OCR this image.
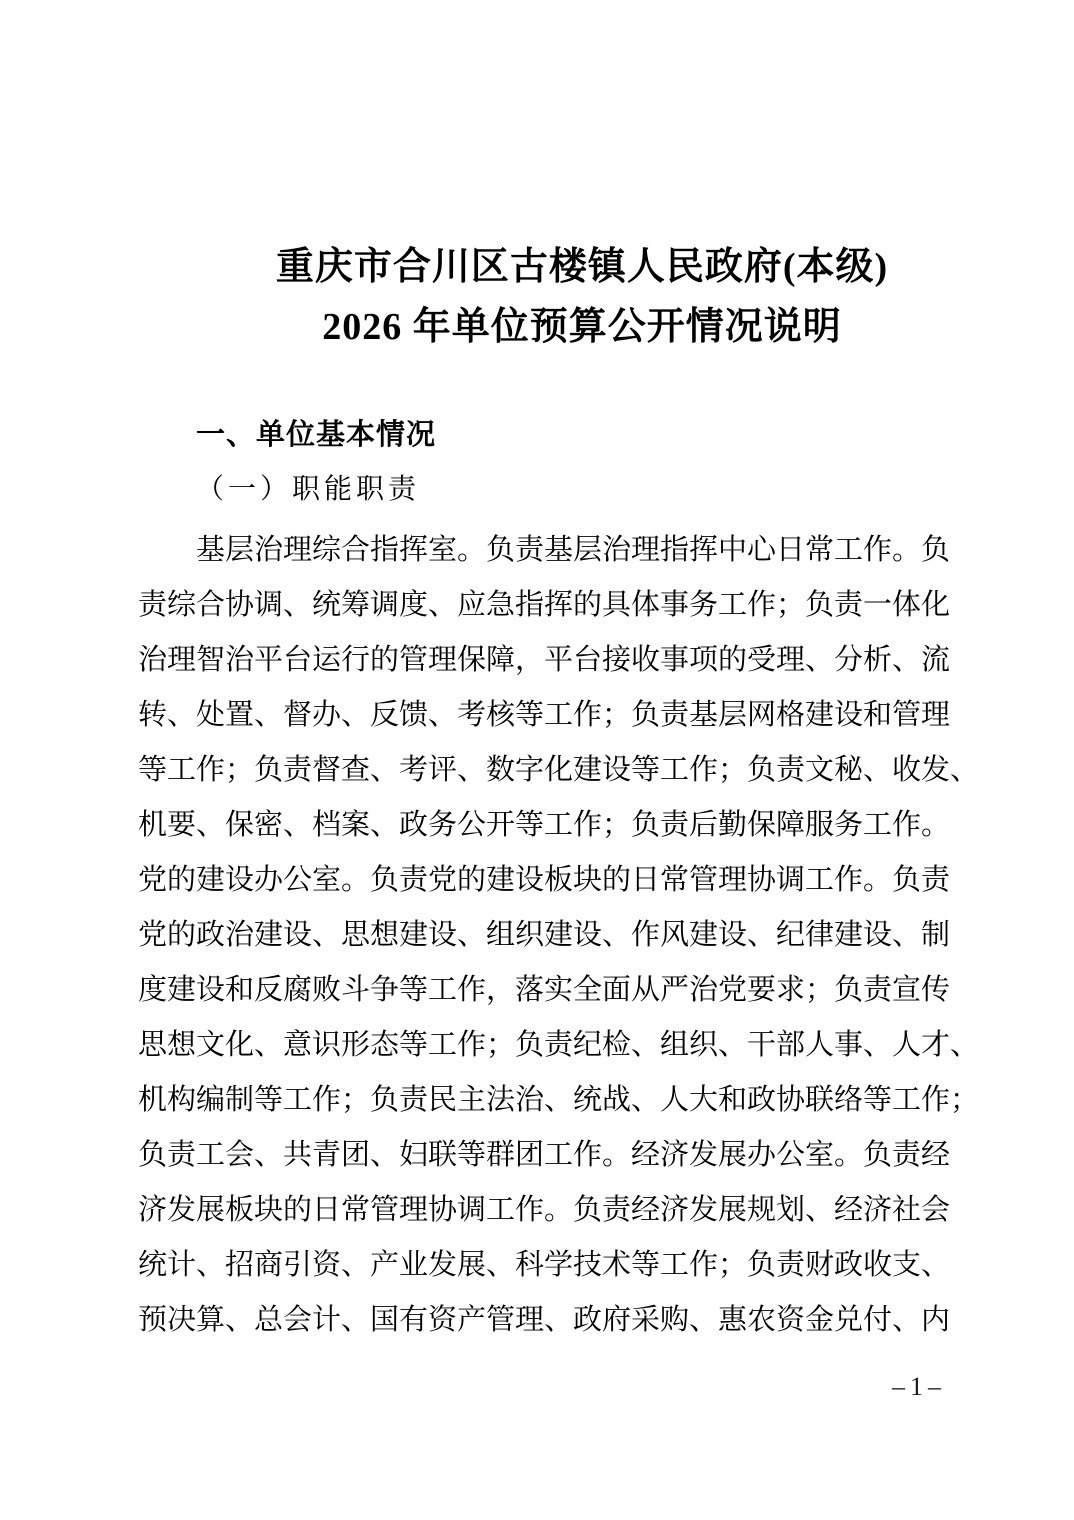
重庆市合川区古楼镇人民政府(本级)
2026 年单位预算公开情况说明
一、单位基本情况
（一）职能职责
基层治理综合指挥室。负责基层治理指挥中心日常工作。负
责综合协调、统筹调度、应急指挥的具体事务工作；负责一体化
治理智治平台运行的管理保障，平台接收事项的受理、分析、流
转、处置、督办、反馈、考核等工作；负责基层网格建设和管理
等工作；负责督查、考评、数字化建设等工作；负责文秘、收发、
机要、保密、档案、政务公开等工作；负责后勤保障服务工作。
党的建设办公室。负责党的建设板块的日常管理协调工作。负责
党的政治建设、思想建设、组织建设、作风建设、纪律建设、制
度建设和反腐败斗争等工作，落实全面从严治党要求；负责宣传
思想文化、意识形态等工作；负责纪检、组织、干部人事、人才、
机构编制等工作；负责民主法治、统战、人大和政协联络等工作；
负责工会、共青团、妇联等群团工作。经济发展办公室。负责经
济发展板块的日常管理协调工作。负责经济发展规划、经济社会
统计、招商引资、产业发展、科学技术等工作；负责财政收支、
预决算、总会计、国有资产管理、政府采购、惠农资金兑付、内
–1–
